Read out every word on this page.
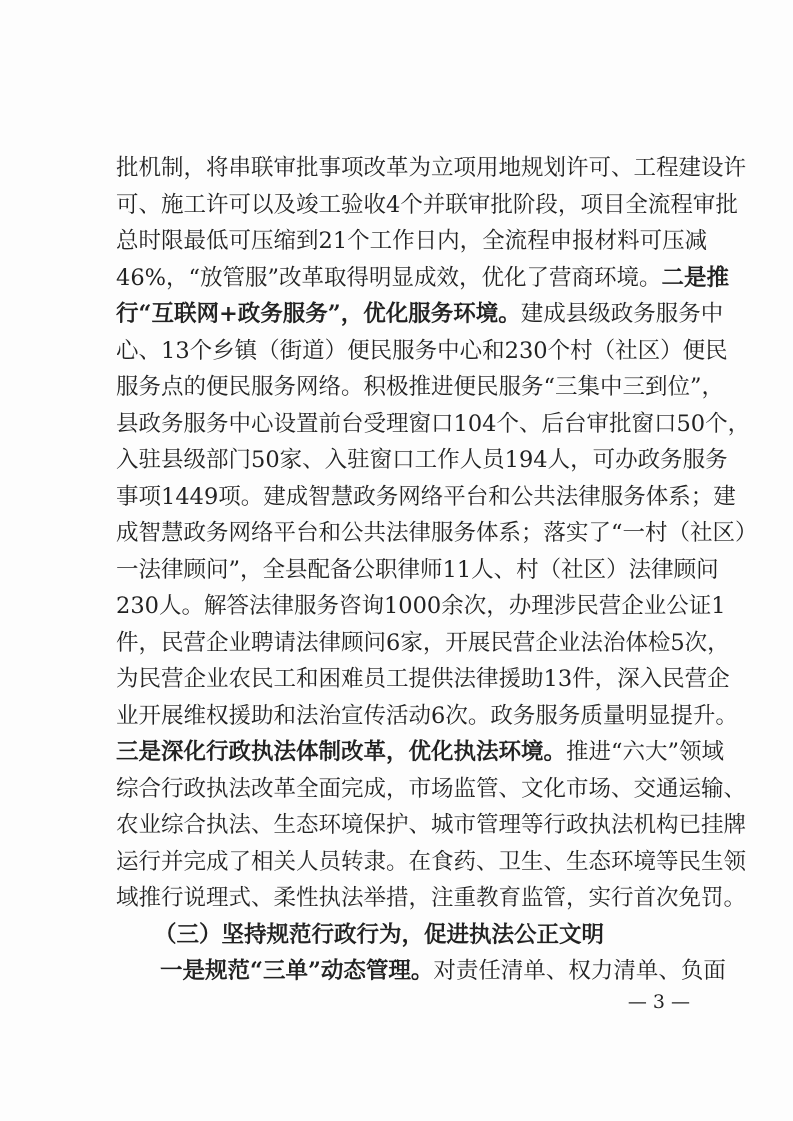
批机制，将串联审批事项改革为立项用地规划许可、工程建设许
可、施工许可以及竣工验收4个并联审批阶段，项目全流程审批
总时限最低可压缩到21个工作日内，全流程申报材料可压减
46%，“放管服”改革取得明显成效，优化了营商环境。二是推
行“互联网+政务服务”，优化服务环境。建成县级政务服务中
心、13个乡镇（街道）便民服务中心和230个村（社区）便民
服务点的便民服务网络。积极推进便民服务“三集中三到位”，
县政务服务中心设置前台受理窗口104个、后台审批窗口50个，
入驻县级部门50家、入驻窗口工作人员194人，可办政务服务
事项1449项。建成智慧政务网络平台和公共法律服务体系；建
成智慧政务网络平台和公共法律服务体系；落实了“一村（社区）
一法律顾问”，全县配备公职律师11人、村（社区）法律顾问
230人。解答法律服务咨询1000余次，办理涉民营企业公证1
件，民营企业聘请法律顾问6家，开展民营企业法治体检5次，
为民营企业农民工和困难员工提供法律援助13件，深入民营企
业开展维权援助和法治宣传活动6次。政务服务质量明显提升。
三是深化行政执法体制改革，优化执法环境。推进“六大”领域
综合行政执法改革全面完成，市场监管、文化市场、交通运输、
农业综合执法、生态环境保护、城市管理等行政执法机构已挂牌
运行并完成了相关人员转隶。在食药、卫生、生态环境等民生领
域推行说理式、柔性执法举措，注重教育监管，实行首次免罚。
（三）坚持规范行政行为，促进执法公正文明
一是规范“三单”动态管理。对责任清单、权力清单、负面
— 3 —
